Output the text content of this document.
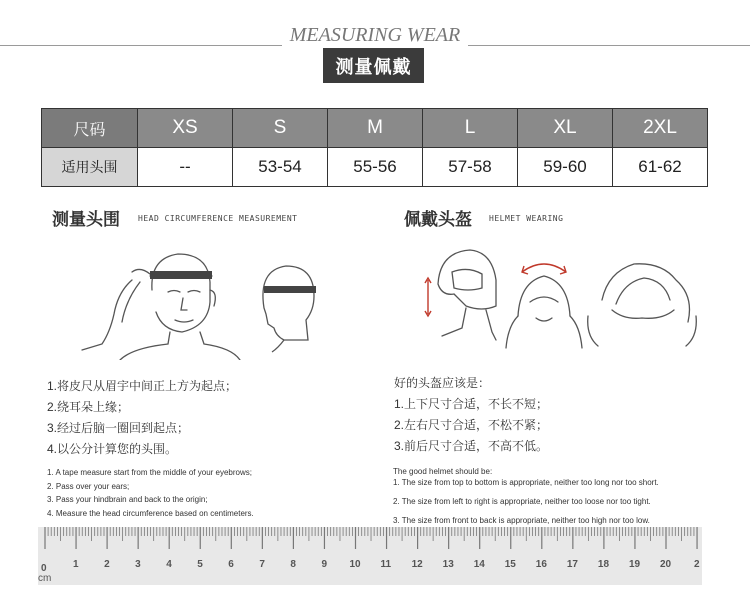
MEASURING WEAR
测量佩戴
尺码	XS	S	M	L	XL	2XL
适用头围	--	53-54	55-56	57-58	59-60	61-62
测量头围 HEAD CIRCUMFERENCE MEASUREMENT
1.将皮尺从眉宇中间正上方为起点；
2.绕耳朵上缘；
3.经过后脑一圈回到起点；
4.以公分计算您的头围。
1. A tape measure start from the middle of your eyebrows;
2. Pass over your ears;
3. Pass your hindbrain and back to the origin;
4. Measure the head circumference based on centimeters.
佩戴头盔 HELMET WEARING
好的头盔应该是：
1.上下尺寸合适，不长不短；
2.左右尺寸合适，不松不紧；
3.前后尺寸合适，不高不低。
The good helmet should be:
1. The size from top to bottom is appropriate, neither too long nor too short.
2. The size from left to right is appropriate, neither too loose nor too tight.
3. The size from front to back is appropriate, neither too high nor too low.
0	1	2	3	4	5	6	7	8	9 10 11 12 13 14 15 16 17 18 19 20 2
cm
